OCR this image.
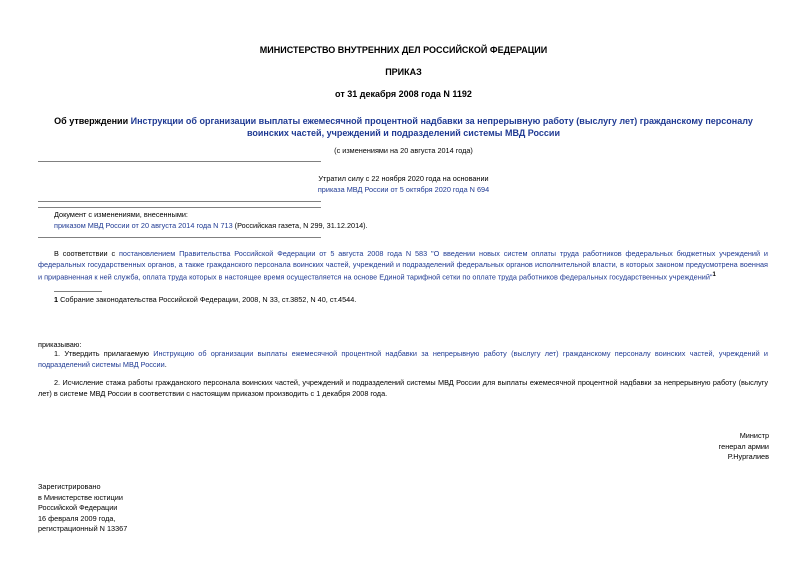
МИНИСТЕРСТВО ВНУТРЕННИХ ДЕЛ РОССИЙСКОЙ ФЕДЕРАЦИИ
ПРИКАЗ
от 31 декабря 2008 года N 1192
Об утверждении Инструкции об организации выплаты ежемесячной процентной надбавки за непрерывную работу (выслугу лет) гражданскому персоналу воинских частей, учреждений и подразделений системы МВД России
(с изменениями на 20 августа 2014 года)
Утратил силу с 22 ноября 2020 года на основании
приказа МВД России от 5 октября 2020 года N 694
Документ с изменениями, внесенными:
приказом МВД России от 20 августа 2014 года N 713 (Российская газета, N 299, 31.12.2014).
В соответствии с постановлением Правительства Российской Федерации от 5 августа 2008 года N 583 "О введении новых систем оплаты труда работников федеральных бюджетных учреждений и федеральных государственных органов, а также гражданского персонала воинских частей, учреждений и подразделений федеральных органов исполнительной власти, в которых законом предусмотрена военная и приравненная к ней служба, оплата труда которых в настоящее время осуществляется на основе Единой тарифной сетки по оплате труда работников федеральных государственных учреждений"$^1$
1 Собрание законодательства Российской Федерации, 2008, N 33, ст.3852, N 40, ст.4544.
приказываю:
1. Утвердить прилагаемую Инструкцию об организации выплаты ежемесячной процентной надбавки за непрерывную работу (выслугу лет) гражданскому персоналу воинских частей, учреждений и подразделений системы МВД России.
2. Исчисление стажа работы гражданского персонала воинских частей, учреждений и подразделений системы МВД России для выплаты ежемесячной процентной надбавки за непрерывную работу (выслугу лет) в системе МВД России в соответствии с настоящим приказом производить с 1 декабря 2008 года.
Министр
генерал армии
Р.Нургалиев
Зарегистрировано
в Министерстве юстиции
Российской Федерации
16 февраля 2009 года,
регистрационный N 13367
